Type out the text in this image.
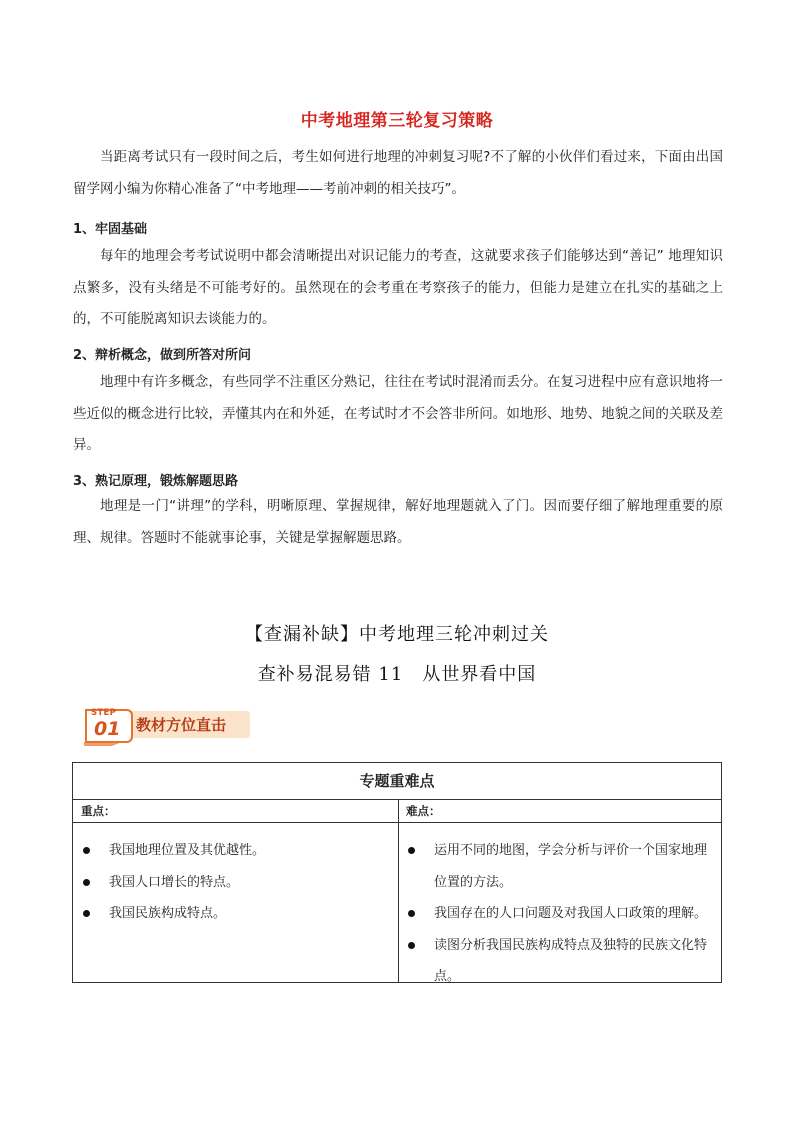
中考地理第三轮复习策略

当距离考试只有一段时间之后，考生如何进行地理的冲刺复习呢?不了解的小伙伴们看过来，下面由出国留学网小编为你精心准备了“中考地理——考前冲刺的相关技巧”。

1、牢固基础

每年的地理会考考试说明中都会清晰提出对识记能力的考查，这就要求孩子们能够达到“善记” 地理知识点繁多，没有头绪是不可能考好的。虽然现在的会考重在考察孩子的能力，但能力是建立在扎实的基础之上的，不可能脱离知识去谈能力的。

2、辩析概念，做到所答对所问

地理中有许多概念，有些同学不注重区分熟记，往往在考试时混淆而丢分。在复习进程中应有意识地将一些近似的概念进行比较，弄懂其内在和外延，在考试时才不会答非所问。如地形、地势、地貌之间的关联及差异。

3、熟记原理，锻炼解题思路

地理是一门“讲理”的学科，明晰原理、掌握规律，解好地理题就入了门。因而要仔细了解地理重要的原理、规律。答题时不能就事论事，关键是掌握解题思路。

【查漏补缺】中考地理三轮冲刺过关
查补易混易错 11　从世界看中国
STEP
01 教材方位直击
专题重难点
重点：
我国地理位置及其优越性。
我国人口增长的特点。
我国民族构成特点。
难点：
运用不同的地图，学会分析与评价一个国家地理位置的方法。
我国存在的人口问题及对我国人口政策的理解。
读图分析我国民族构成特点及独特的民族文化特点。
